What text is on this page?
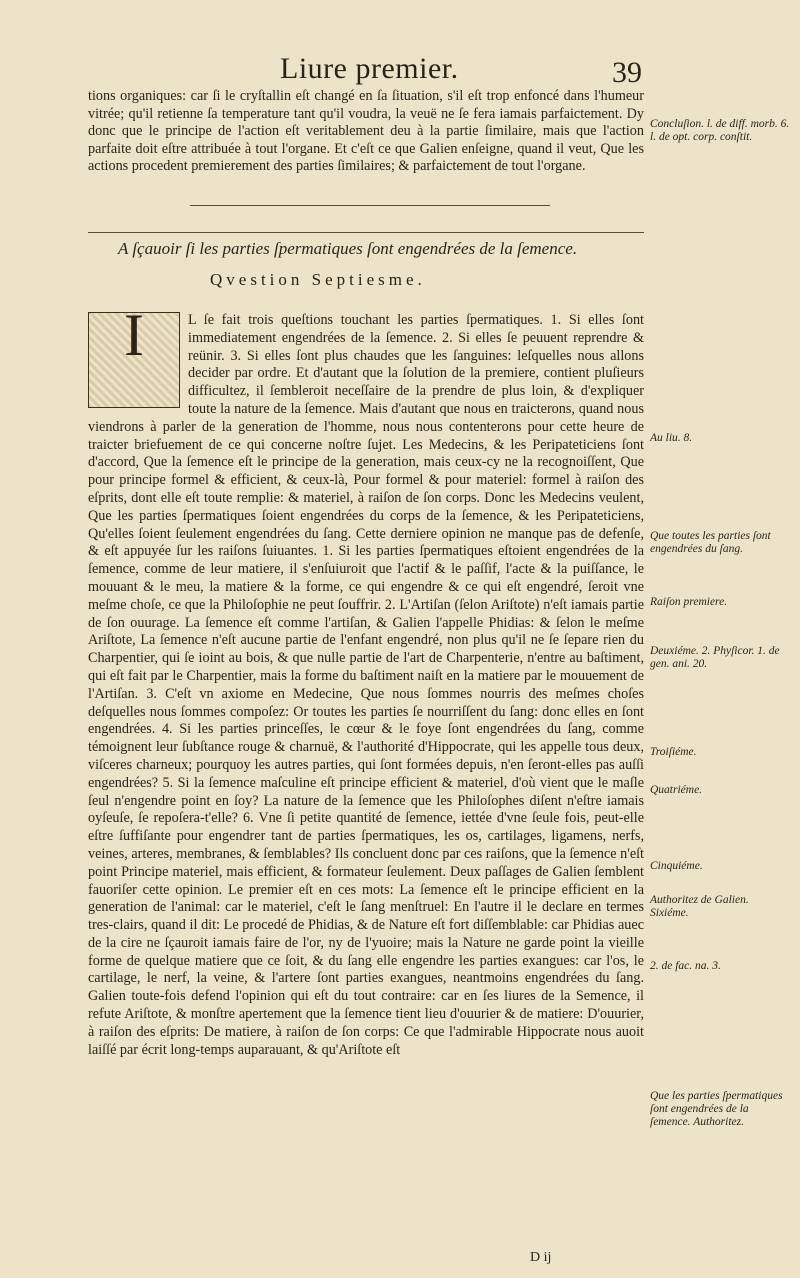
Liure premier.	39

tions organiques: car ſi le cryſtallin eſt changé en ſa ſituation, s'il eſt trop enfoncé dans l'humeur vitrée; qu'il retienne ſa temperature tant qu'il voudra, la veuë ne ſe fera iamais parfaictement. Dy donc que le principe de l'action eſt veritablement deu à la partie ſimilaire, mais que l'action parfaite doit eſtre attribuée à tout l'organe. Et c'eſt ce que Galien enſeigne, quand il veut, Que les actions procedent premierement des parties ſimilaires; & parfaictement de tout l'organe.

A ſçauoir ſi les parties ſpermatiques ſont engendrées de la ſemence.
Qvestion Septiesme.
I	L ſe fait trois queſtions touchant les parties ſpermatiques. 1. Si elles ſont immediatement engendrées de la ſemence. 2. Si elles ſe peuuent reprendre & reünir. 3. Si elles ſont plus chaudes que les ſanguines: leſquelles nous allons decider par ordre. Et d'autant que la ſolution de la premiere, contient pluſieurs difficultez, il ſembleroit neceſſaire de la prendre de plus loin, & d'expliquer toute la nature de la ſemence. Mais d'autant que nous en traicterons, quand nous viendrons à parler de la generation de l'homme, nous nous contenterons pour cette heure de traicter briefuement de ce qui concerne noſtre ſujet. Les Medecins, & les Peripateticiens ſont d'accord, Que la ſemence eſt le principe de la generation, mais ceux-cy ne la recognoiſſent, Que pour principe formel & efficient, & ceux-là, Pour formel & pour materiel: formel à raiſon des eſprits, dont elle eſt toute remplie: & materiel, à raiſon de ſon corps. Donc les Medecins veulent, Que les parties ſpermatiques ſoient engendrées du corps de la ſemence, & les Peripateticiens, Qu'elles ſoient ſeulement engendrées du ſang. Cette derniere opinion ne manque pas de defenſe, & eſt appuyée ſur les raiſons ſuiuantes. 1. Si les parties ſpermatiques eſtoient engendrées de la ſemence, comme de leur matiere, il s'enſuiuroit que l'actif & le paſſif, l'acte & la puiſſance, le mouuant & le meu, la matiere & la forme, ce qui engendre & ce qui eſt engendré, ſeroit vne meſme choſe, ce que la Philoſophie ne peut ſouffrir. 2. L'Artiſan (ſelon Ariſtote) n'eſt iamais partie de ſon ouurage. La ſemence eſt comme l'artiſan, & Galien l'appelle Phidias: & ſelon le meſme Ariſtote, La ſemence n'eſt aucune partie de l'enfant engendré, non plus qu'il ne ſe ſepare rien du Charpentier, qui ſe ioint au bois, & que nulle partie de l'art de Charpenterie, n'entre au baſtiment, qui eſt fait par le Charpentier, mais la forme du baſtiment naiſt en la matiere par le mouuement de l'Artiſan. 3. C'eſt vn axiome en Medecine, Que nous ſommes nourris des meſmes choſes deſquelles nous ſommes compoſez: Or toutes les parties ſe nourriſſent du ſang: donc elles en ſont engendrées. 4. Si les parties princeſſes, le cœur & le foye ſont engendrées du ſang, comme témoignent leur ſubſtance rouge & charnuë, & l'authorité d'Hippocrate, qui les appelle tous deux, viſceres charneux; pourquoy les autres parties, qui ſont formées depuis, n'en ſeront-elles pas auſſi engendrées? 5. Si la ſemence maſculine eſt principe efficient & materiel, d'où vient que le maſle ſeul n'engendre point en ſoy? La nature de la ſemence que les Philoſophes diſent n'eſtre iamais oyſeuſe, ſe repoſera-t'elle? 6. Vne ſi petite quantité de ſemence, iettée d'vne ſeule fois, peut-elle eſtre ſuffiſante pour engendrer tant de parties ſpermatiques, les os, cartilages, ligamens, nerfs, veines, arteres, membranes, & ſemblables? Ils concluent donc par ces raiſons, que la ſemence n'eſt point Principe materiel, mais efficient, & formateur ſeulement. Deux paſſages de Galien ſemblent fauoriſer cette opinion. Le premier eſt en ces mots: La ſemence eſt le principe efficient en la generation de l'animal: car le materiel, c'eſt le ſang menſtruel: En l'autre il le declare en termes tres-clairs, quand il dit: Le procedé de Phidias, & de Nature eſt fort diſſemblable: car Phidias auec de la cire ne ſçauroit iamais faire de l'or, ny de l'yuoire; mais la Nature ne garde point la vieille forme de quelque matiere que ce ſoit, & du ſang elle engendre les parties exangues: car l'os, le cartilage, le nerf, la veine, & l'artere ſont parties exangues, neantmoins engendrées du ſang. Galien toute-fois defend l'opinion qui eſt du tout contraire: car en ſes liures de la Semence, il refute Ariſtote, & monſtre apertement que la ſemence tient lieu d'ouurier & de matiere: D'ouurier, à raiſon des eſprits: De matiere, à raiſon de ſon corps: Ce que l'admirable Hippocrate nous auoit laiſſé par écrit long-temps auparauant, & qu'Ariſtote eſt
Concluſion. l. de diff. morb. 6. l. de opt. corp. conſtit.
Au liu. 8.
Que toutes les parties ſont engendrées du ſang.
Raiſon premiere.
Deuxiéme. 2. Phyſicor. 1. de gen. ani. 20.
Troiſiéme.
Quatriéme.
Cinquiéme.
Authoritez de Galien. Sixiéme.
2. de fac. na. 3.
Que les parties ſpermatiques ſont engendrées de la ſemence. Authoritez.
D ij
